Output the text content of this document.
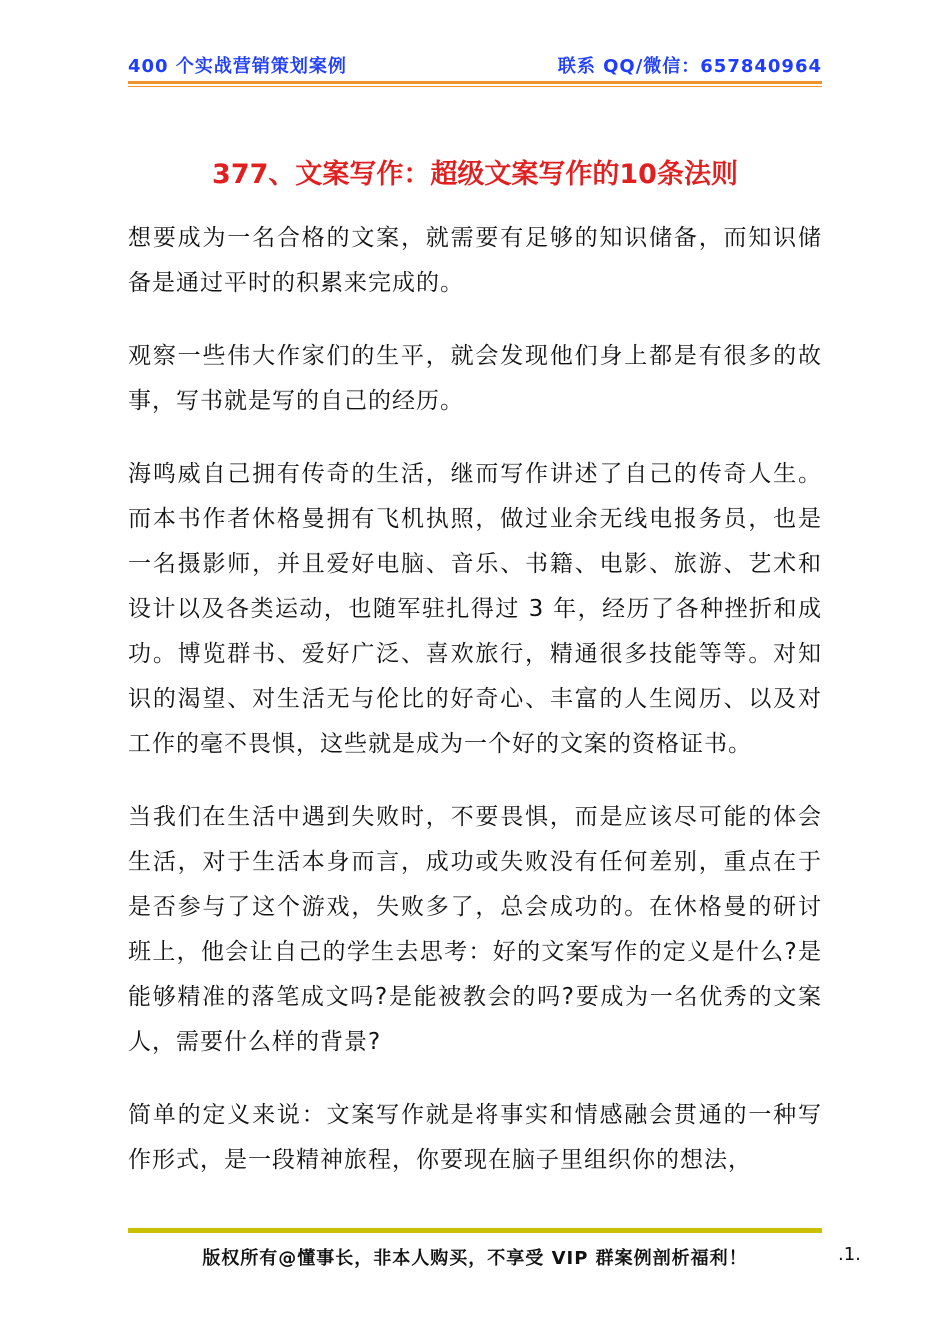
400 个实战营销策划案例	联系 QQ/微信：657840964
377、文案写作：超级文案写作的10条法则

想要成为一名合格的文案，就需要有足够的知识储备，而知识储备是通过平时的积累来完成的。

观察一些伟大作家们的生平，就会发现他们身上都是有很多的故事，写书就是写的自己的经历。

海鸣威自己拥有传奇的生活，继而写作讲述了自己的传奇人生。而本书作者休格曼拥有飞机执照，做过业余无线电报务员，也是一名摄影师，并且爱好电脑、音乐、书籍、电影、旅游、艺术和设计以及各类运动，也随军驻扎得过 3 年，经历了各种挫折和成功。博览群书、爱好广泛、喜欢旅行，精通很多技能等等。对知识的渴望、对生活无与伦比的好奇心、丰富的人生阅历、以及对工作的毫不畏惧，这些就是成为一个好的文案的资格证书。

当我们在生活中遇到失败时，不要畏惧，而是应该尽可能的体会生活，对于生活本身而言，成功或失败没有任何差别，重点在于是否参与了这个游戏，失败多了，总会成功的。在休格曼的研讨班上，他会让自己的学生去思考：好的文案写作的定义是什么?是能够精准的落笔成文吗?是能被教会的吗?要成为一名优秀的文案人，需要什么样的背景?

简单的定义来说：文案写作就是将事实和情感融会贯通的一种写作形式，是一段精神旅程，你要现在脑子里组织你的想法，

版权所有@懂事长，非本人购买，不享受 VIP 群案例剖析福利！	.1.
